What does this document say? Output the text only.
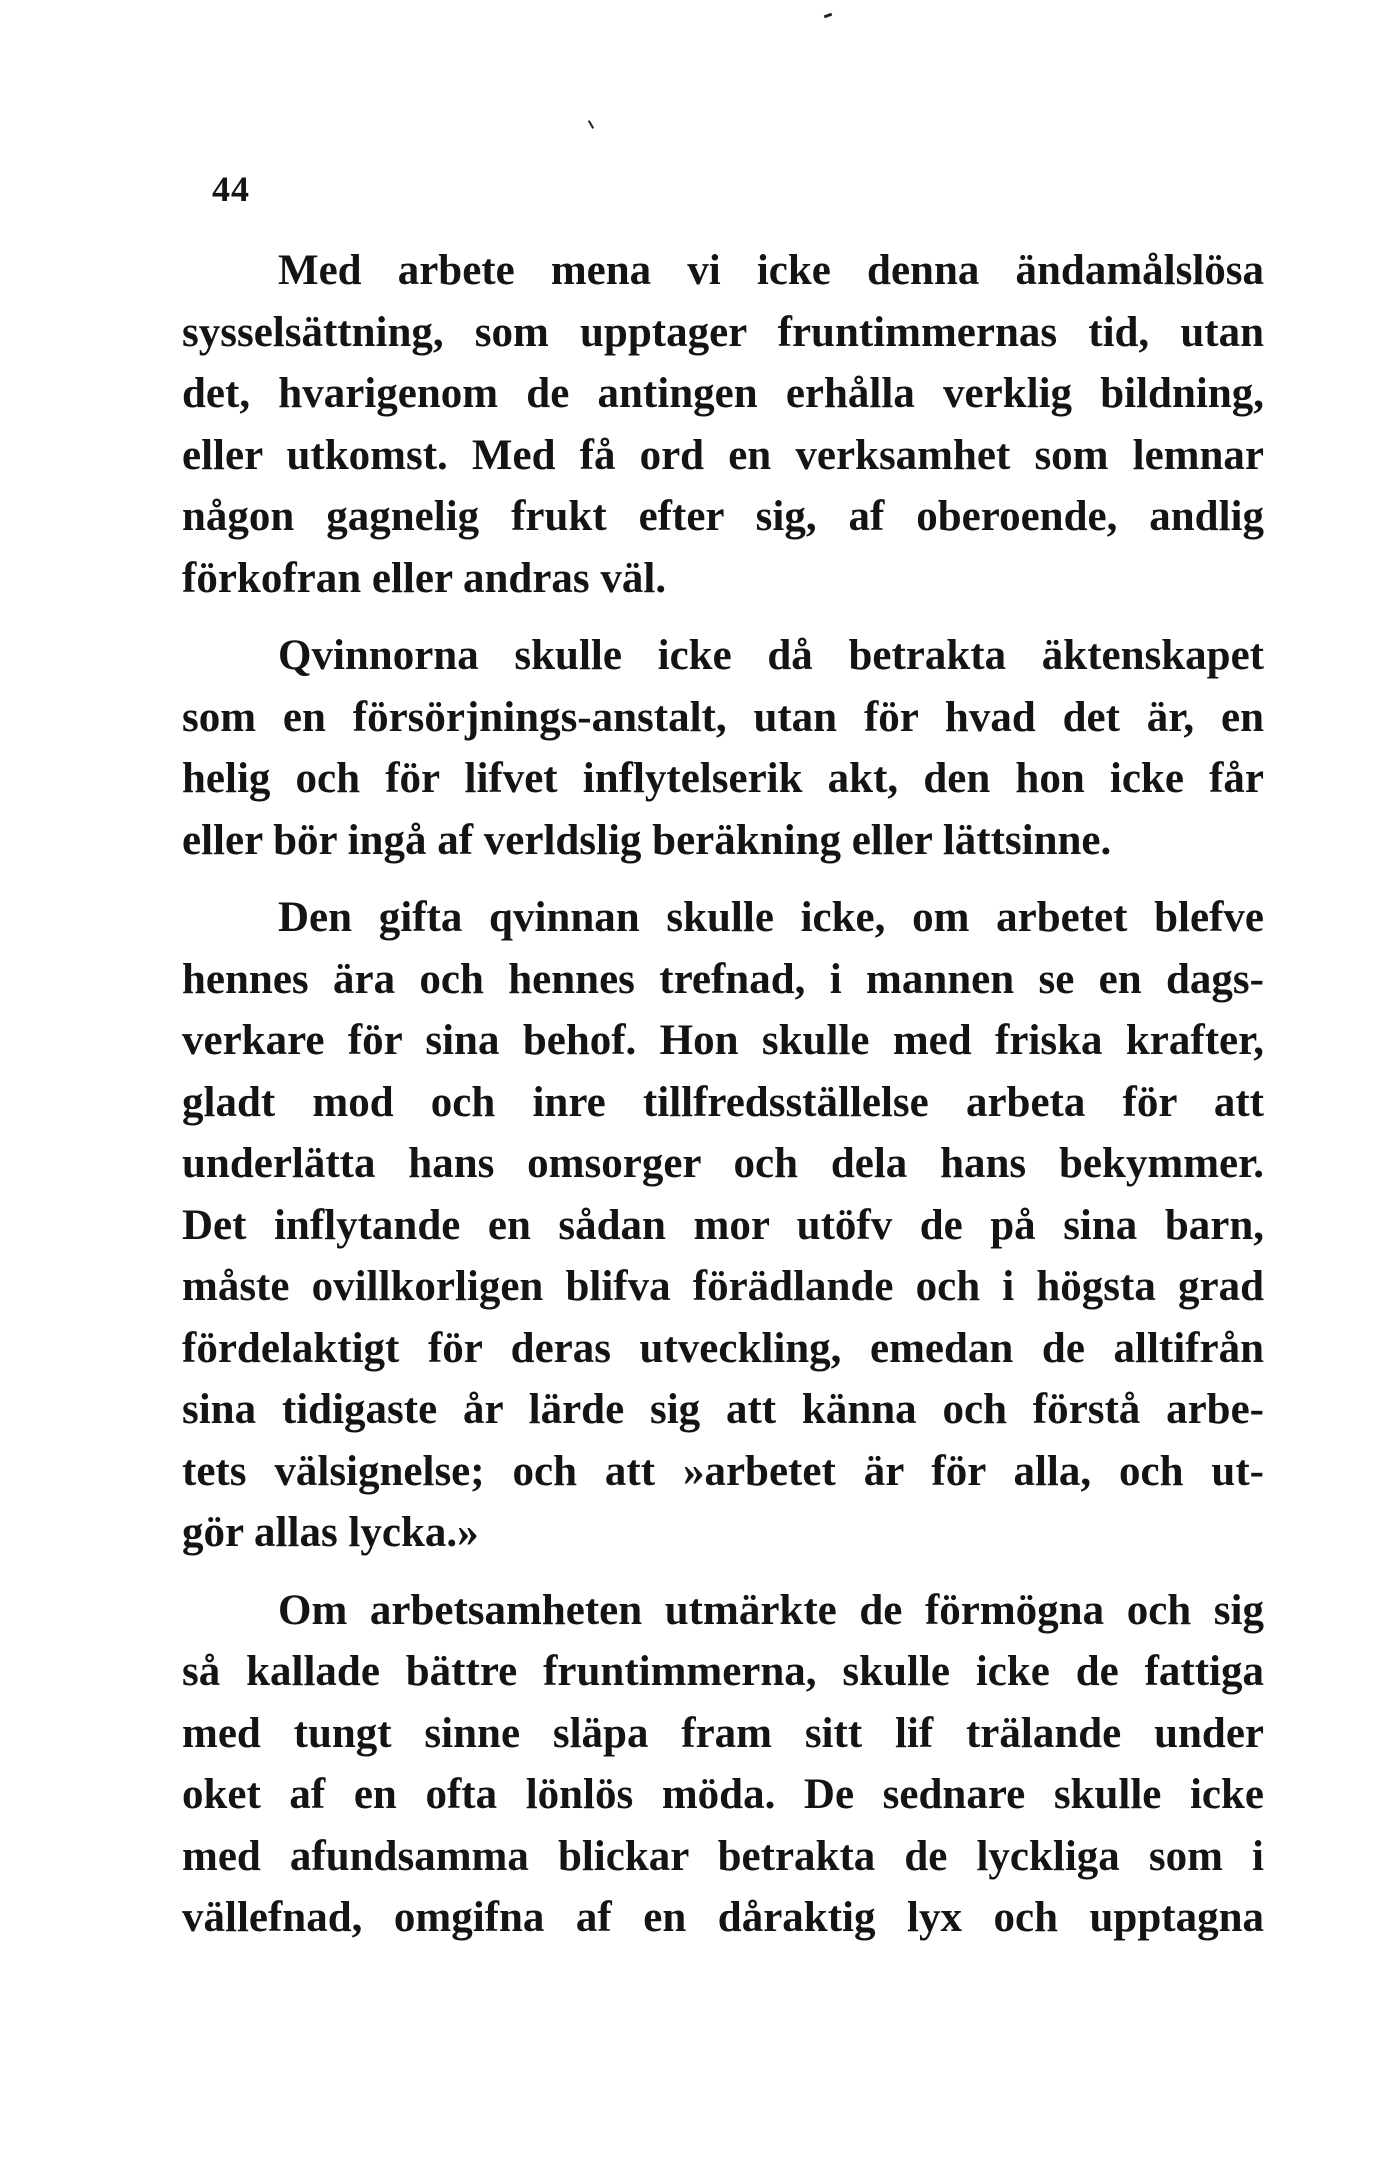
44

Med arbete mena vi icke denna ändamålslösa
sysselsättning, som upptager fruntimmernas tid, utan
det, hvarigenom de antingen erhålla verklig bildning,
eller utkomst. Med få ord en verksamhet som lemnar
någon gagnelig frukt efter sig, af oberoende, andlig
förkofran eller andras väl.

Qvinnorna skulle icke då betrakta äktenskapet
som en försörjnings-anstalt, utan för hvad det är, en
helig och för lifvet inflytelserik akt, den hon icke får
eller bör ingå af verldslig beräkning eller lättsinne.

Den gifta qvinnan skulle icke, om arbetet blefve
hennes ära och hennes trefnad, i mannen se en dags-
verkare för sina behof. Hon skulle med friska krafter,
gladt mod och inre tillfredsställelse arbeta för att
underlätta hans omsorger och dela hans bekymmer.
Det inflytande en sådan mor utöfv de på sina barn,
måste ovillkorligen blifva förädlande och i högsta grad
fördelaktigt för deras utveckling, emedan de alltifrån
sina tidigaste år lärde sig att känna och förstå arbe-
tets välsignelse; och att »arbetet är för alla, och ut-
gör allas lycka.»

Om arbetsamheten utmärkte de förmögna och sig
så kallade bättre fruntimmerna, skulle icke de fattiga
med tungt sinne släpa fram sitt lif trälande under
oket af en ofta lönlös möda. De sednare skulle icke
med afundsamma blickar betrakta de lyckliga som i
vällefnad, omgifna af en dåraktig lyx och upptagna
